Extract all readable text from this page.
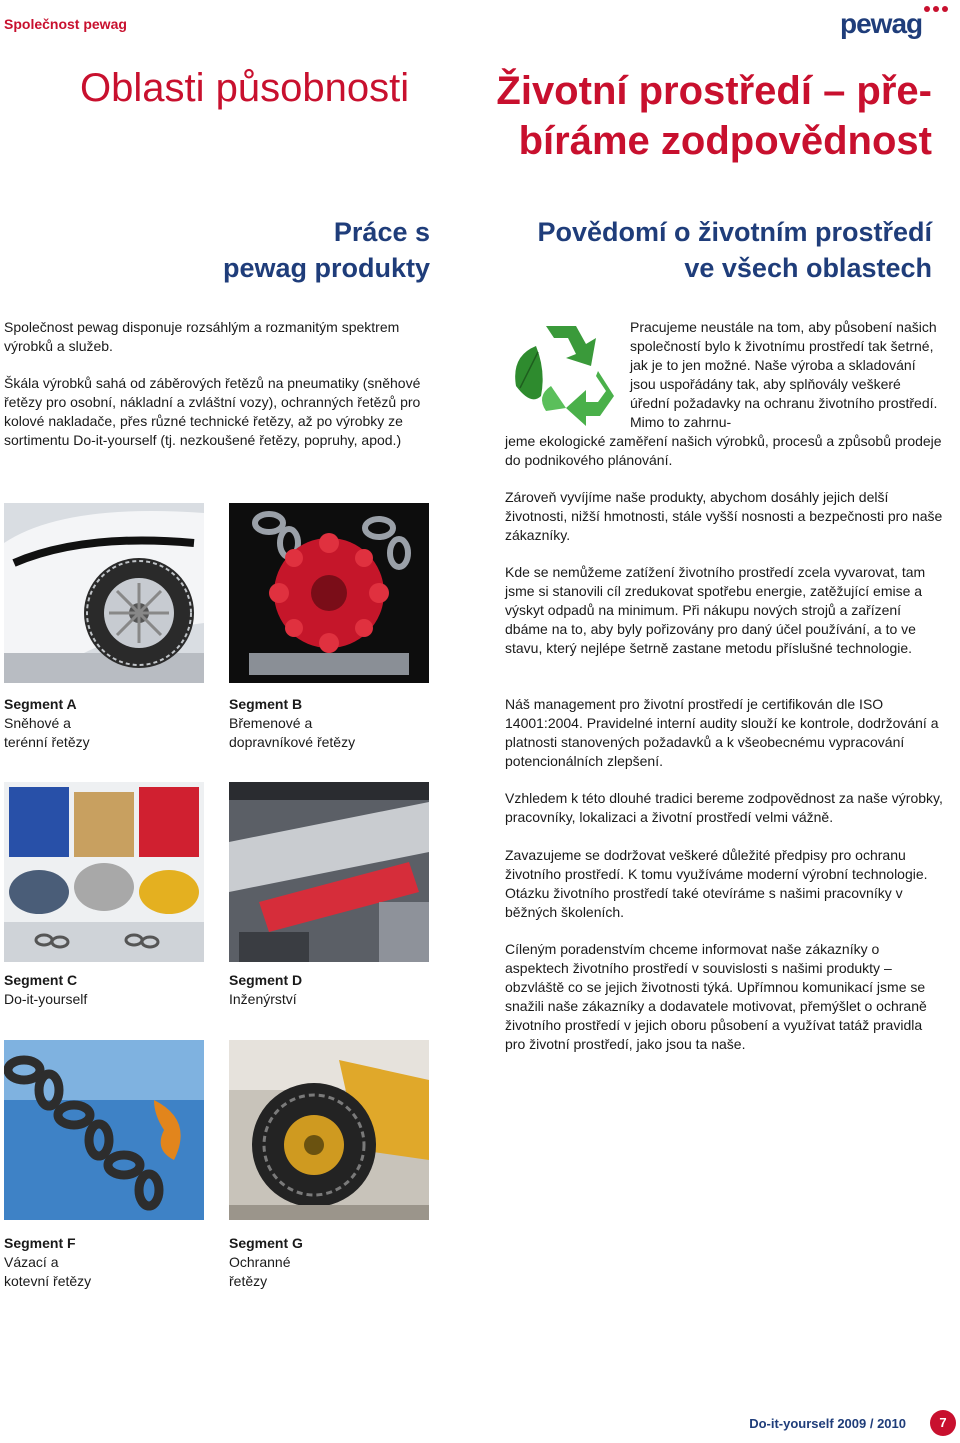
Společnost pewag	pewag
Oblasti působnosti Životní prostředí – pře-
bíráme zodpovědnost
Práce s
pewag produkty
Povědomí o životním prostředí
ve všech oblastech

Společnost pewag disponuje rozsáhlým a rozmanitým spektrem výrobků a služeb.

Škála výrobků sahá od záběrových řetězů na pneumatiky (sněhové řetězy pro osobní, nákladní a zvláštní vozy), ochranných řetězů pro kolové nakladače, přes různé technické řetězy, až po výrobky ze sortimentu Do-it-yourself (tj. nezkoušené řetězy, popruhy, apod.)

Segment A
Sněhové a
terénní řetězy
Segment B
Břemenové a
dopravníkové řetězy
Segment C
Do-it-yourself
Segment D
Inženýrství
Segment F
Vázací a
kotevní řetězy
Segment G
Ochranné
řetězy

Pracujeme neustále na tom, aby působení našich společností bylo k životnímu prostředí tak šetrné, jak je to jen možné. Naše výroba a skladování jsou uspořádány tak, aby splňovály veškeré úřední požadavky na ochranu životního prostředí. Mimo to zahrnu-

jeme ekologické zaměření našich výrobků, procesů a způsobů prodeje do podnikového plánování.

Zároveň vyvíjíme naše produkty, abychom dosáhly jejich delší životnosti, nižší hmotnosti, stále vyšší nosnosti a bezpečnosti pro naše zákazníky.

Kde se nemůžeme zatížení životního prostředí zcela vyvarovat, tam jsme si stanovili cíl zredukovat spotřebu energie, zatěžující emise a výskyt odpadů na minimum. Při nákupu nových strojů a zařízení dbáme na to, aby byly pořizovány pro daný účel používání, a to ve stavu, který nejlépe šetrně zastane metodu příslušné technologie.

Náš management pro životní prostředí je certifikován dle ISO 14001:2004. Pravidelné interní audity slouží ke kontrole, dodržování a platnosti stanovených požadavků a k všeobecnému vypracování potencionálních zlepšení.

Vzhledem k této dlouhé tradici bereme zodpovědnost za naše výrobky, pracovníky, lokalizaci a životní prostředí velmi vážně.

Zavazujeme se dodržovat veškeré důležité předpisy pro ochranu životního prostředí. K tomu využíváme moderní výrobní technologie. Otázku životního prostředí také otevíráme s našimi pracovníky v běžných školeních.

Cíleným poradenstvím chceme informovat naše zákazníky o aspektech životního prostředí v souvislosti s našimi produkty – obzvláště co se jejich životnosti týká. Upřímnou komunikací jsme se snažili naše zákazníky a dodavatele motivovat, přemýšlet o ochraně životního prostředí v jejich oboru působení a využívat tatáž pravidla pro životní prostředí, jako jsou ta naše.

Do-it-yourself 2009 / 2010	7
